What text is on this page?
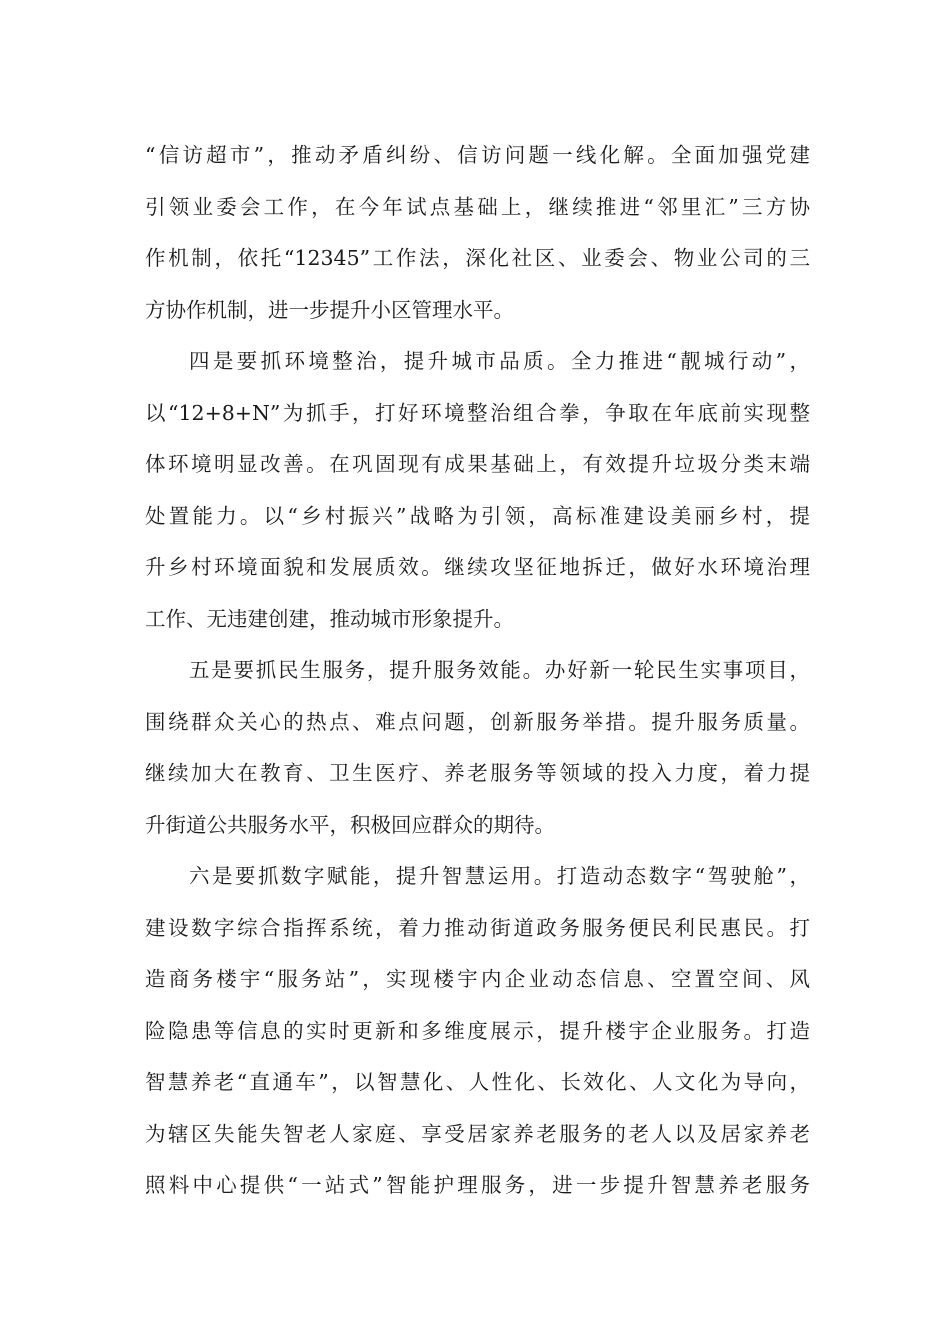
“信访超市”，推动矛盾纠纷、信访问题一线化解。全面加强党建
引领业委会工作，在今年试点基础上，继续推进“邻里汇”三方协
作机制，依托“12345”工作法，深化社区、业委会、物业公司的三
方协作机制，进一步提升小区管理水平。
四是要抓环境整治，提升城市品质。全力推进“靓城行动”，
以“12+8+N”为抓手，打好环境整治组合拳，争取在年底前实现整
体环境明显改善。在巩固现有成果基础上，有效提升垃圾分类末端
处置能力。以“乡村振兴”战略为引领，高标准建设美丽乡村，提
升乡村环境面貌和发展质效。继续攻坚征地拆迁，做好水环境治理
工作、无违建创建，推动城市形象提升。
五是要抓民生服务，提升服务效能。办好新一轮民生实事项目，
围绕群众关心的热点、难点问题，创新服务举措。提升服务质量。
继续加大在教育、卫生医疗、养老服务等领域的投入力度，着力提
升街道公共服务水平，积极回应群众的期待。
六是要抓数字赋能，提升智慧运用。打造动态数字“驾驶舱”，
建设数字综合指挥系统，着力推动街道政务服务便民利民惠民。打
造商务楼宇“服务站”，实现楼宇内企业动态信息、空置空间、风
险隐患等信息的实时更新和多维度展示，提升楼宇企业服务。打造
智慧养老“直通车”，以智慧化、人性化、长效化、人文化为导向，
为辖区失能失智老人家庭、享受居家养老服务的老人以及居家养老
照料中心提供“一站式”智能护理服务，进一步提升智慧养老服务
